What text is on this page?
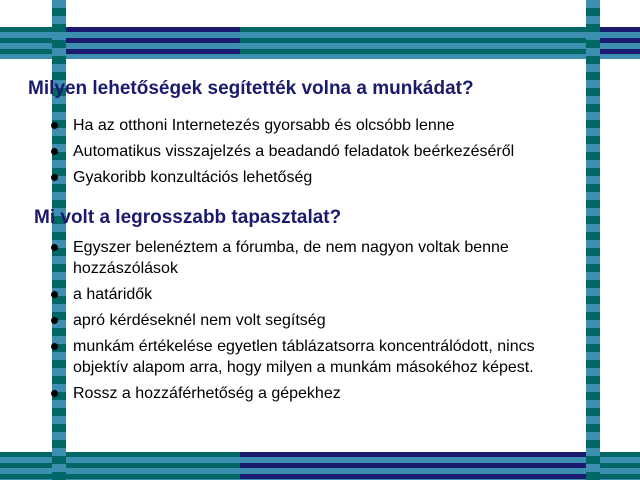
Milyen lehetőségek segítették volna a munkádat?
Ha az otthoni Internetezés gyorsabb és olcsóbb lenne
Automatikus visszajelzés a beadandó feladatok beérkezéséről
Gyakoribb konzultációs lehetőség
Mi volt a legrosszabb tapasztalat?
Egyszer belenéztem a fórumba, de nem nagyon voltak benne hozzászólások
a határidők
apró kérdéseknél nem volt segítség
munkám értékelése egyetlen táblázatsorra koncentrálódott, nincs objektív alapom arra, hogy milyen a munkám másokéhoz képest.
Rossz a hozzáférhetőség a gépekhez
